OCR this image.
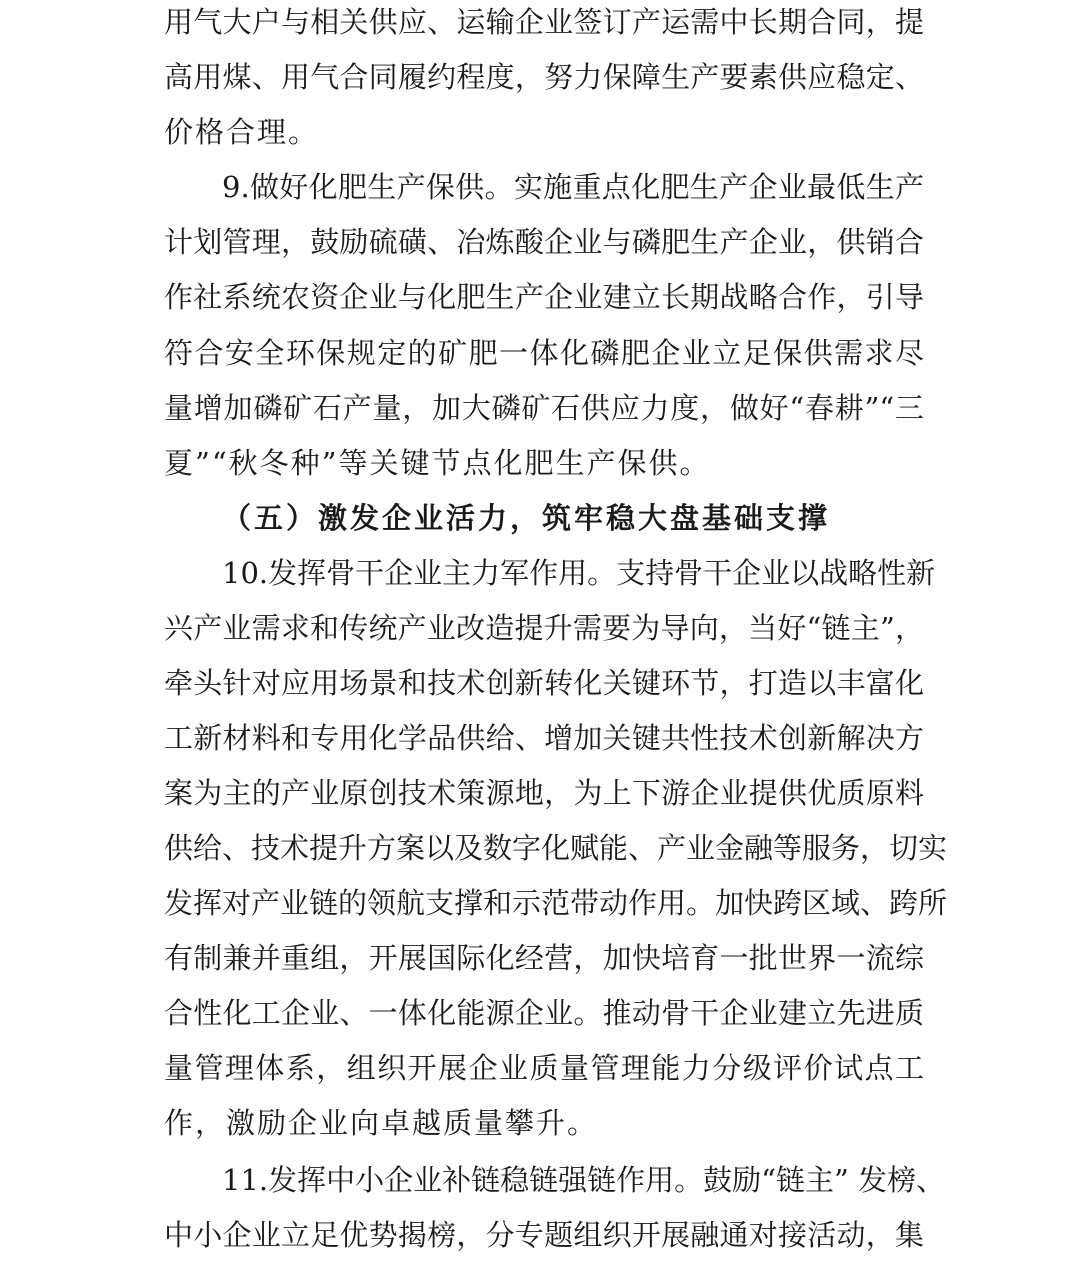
用气大户与相关供应、运输企业签订产运需中长期合同，提
高用煤、用气合同履约程度，努力保障生产要素供应稳定、
价格合理。
9.做好化肥生产保供。实施重点化肥生产企业最低生产
计划管理，鼓励硫磺、冶炼酸企业与磷肥生产企业，供销合
作社系统农资企业与化肥生产企业建立长期战略合作，引导
符合安全环保规定的矿肥一体化磷肥企业立足保供需求尽
量增加磷矿石产量，加大磷矿石供应力度，做好“春耕”“三
夏”“秋冬种”等关键节点化肥生产保供。
（五）激发企业活力，筑牢稳大盘基础支撑
10.发挥骨干企业主力军作用。支持骨干企业以战略性新
兴产业需求和传统产业改造提升需要为导向，当好“链主”，
牵头针对应用场景和技术创新转化关键环节，打造以丰富化
工新材料和专用化学品供给、增加关键共性技术创新解决方
案为主的产业原创技术策源地，为上下游企业提供优质原料
供给、技术提升方案以及数字化赋能、产业金融等服务，切实
发挥对产业链的领航支撑和示范带动作用。加快跨区域、跨所
有制兼并重组，开展国际化经营，加快培育一批世界一流综
合性化工企业、一体化能源企业。推动骨干企业建立先进质
量管理体系，组织开展企业质量管理能力分级评价试点工
作，激励企业向卓越质量攀升。
11.发挥中小企业补链稳链强链作用。鼓励“链主” 发榜、
中小企业立足优势揭榜，分专题组织开展融通对接活动，集
